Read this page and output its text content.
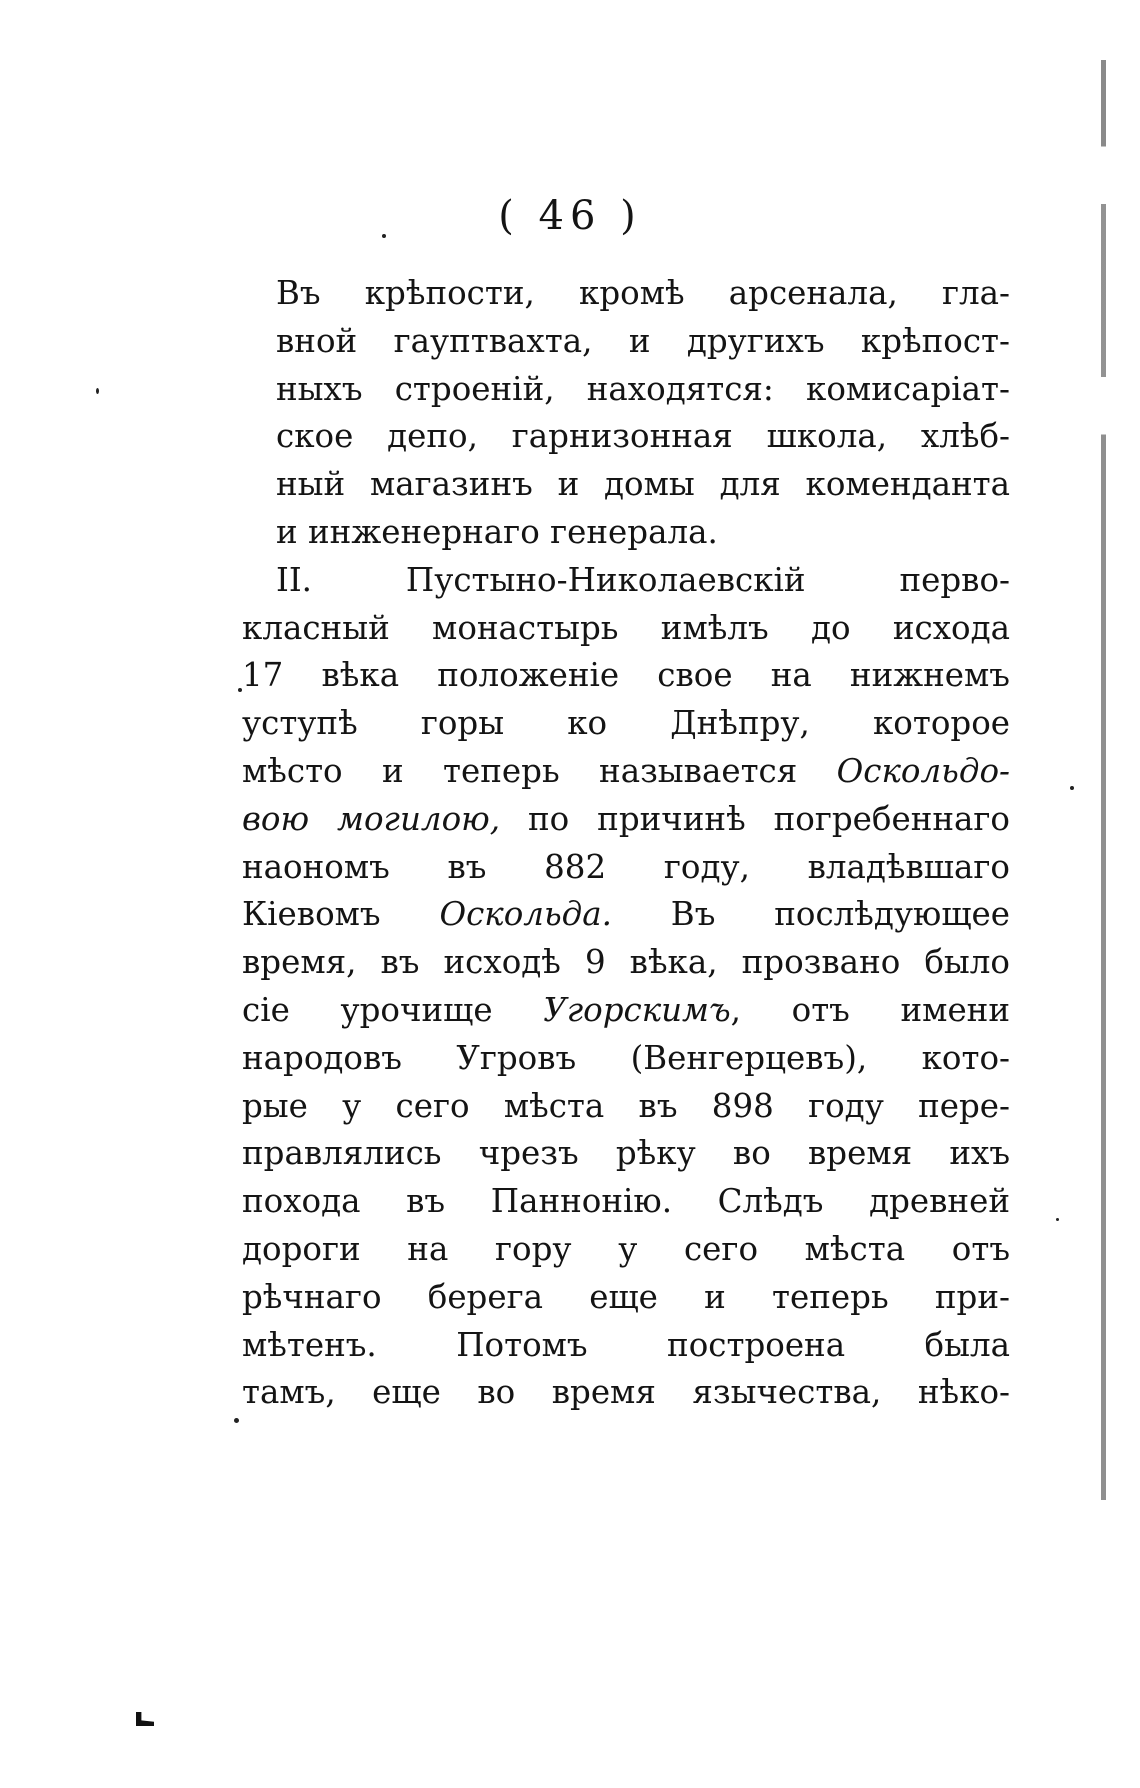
( 46 )
Въ крѣпости, кромѣ арсенала, гла-
вной гауптвахта, и другихъ крѣпост-
ныхъ строенiй, находятся: комисарiат-
ское депо, гарнизонная школа, хлѣб-
ный магазинъ и домы для коменданта
и инженернаго генерала.
II. Пустыно-Николаевскiй перво-
класный монастырь имѣлъ до исхода
17 вѣка положенiе свое на нижнемъ
уступѣ горы ко Днѣпру, которое
мѣсто и теперь называется Оскольдо-
вою могилою, по причинѣ погребеннаго
наономъ въ 882 году, владѣвшаго
Кiевомъ Оскольда. Въ послѣдующее
время, въ исходѣ 9 вѣка, прозвано было
сiе урочище Угорскимъ, отъ имени
народовъ Угровъ (Венгерцевъ), кото-
рые у сего мѣста въ 898 году пере-
правлялись чрезъ рѣку во время ихъ
похода въ Паннонiю. Слѣдъ древней
дороги на гору у сего мѣста отъ
рѣчнаго берега еще и теперь при-
мѣтенъ. Потомъ построена была
тамъ, еще во время язычества, нѣко-
